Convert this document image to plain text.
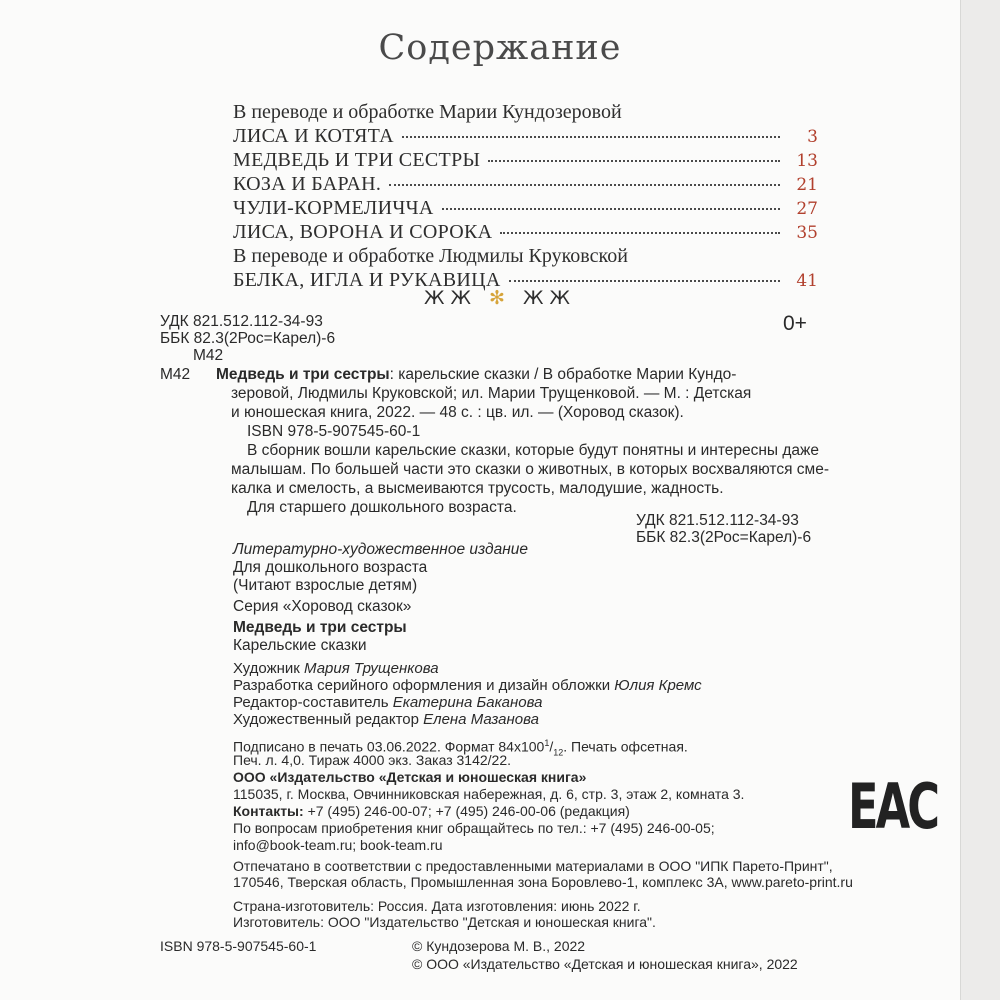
Содержание
В переводе и обработке Марии Кундозеровой
ЛИСА И КОТЯТА	3
МЕДВЕДЬ И ТРИ СЕСТРЫ	13
КОЗА И БАРАН.	21
ЧУЛИ-КОРМЕЛИЧЧА	27
ЛИСА, ВОРОНА И СОРОКА	35
В переводе и обработке Людмилы Круковской
БЕЛКА, ИГЛА И РУКАВИЦА	41
ЖЖ ✻ ЖЖ
УДК 821.512.112-34-93
ББК 82.3(2Рос=Карел)-6
М42
0+
М42 Медведь и три сестры: карельские сказки / В обработке Марии Кундо-
зеровой, Людмилы Круковской; ил. Марии Трущенковой. — М. : Детская
и юношеская книга, 2022. — 48 с. : цв. ил. — (Хоровод сказок).
ISBN 978-5-907545-60-1
В сборник вошли карельские сказки, которые будут понятны и интересны даже
малышам. По большей части это сказки о животных, в которых восхваляются сме-
калка и смелость, а высмеиваются трусость, малодушие, жадность.
Для старшего дошкольного возраста.
УДК 821.512.112-34-93
ББК 82.3(2Рос=Карел)-6
Литературно-художественное издание
Для дошкольного возраста
(Читают взрослые детям)
Серия «Хоровод сказок»
Медведь и три сестры
Карельские сказки
Художник Мария Трущенкова
Разработка серийного оформления и дизайн обложки Юлия Кремс
Редактор-составитель Екатерина Баканова
Художественный редактор Елена Мазанова
Подписано в печать 03.06.2022. Формат $84х100^1/_{12}$. Печать офсетная.
Печ. л. 4,0. Тираж 4000 экз. Заказ 3142/22.
ООО «Издательство «Детская и юношеская книга»
115035, г. Москва, Овчинниковская набережная, д. 6, стр. 3, этаж 2, комната 3.
Контакты: +7 (495) 246-00-07; +7 (495) 246-00-06 (редакция)
По вопросам приобретения книг обращайтесь по тел.: +7 (495) 246-00-05;
info@book-team.ru; book-team.ru
Отпечатано в соответствии с предоставленными материалами в ООО "ИПК Парето-Принт",
170546, Тверская область, Промышленная зона Боровлево-1, комплекс 3А, www.pareto-print.ru
ЕАС
Страна-изготовитель: Россия. Дата изготовления: июнь 2022 г.
Изготовитель: ООО "Издательство "Детская и юношеская книга".
ISBN 978-5-907545-60-1	© Кундозерова М. В., 2022
© ООО «Издательство «Детская и юношеская книга», 2022
